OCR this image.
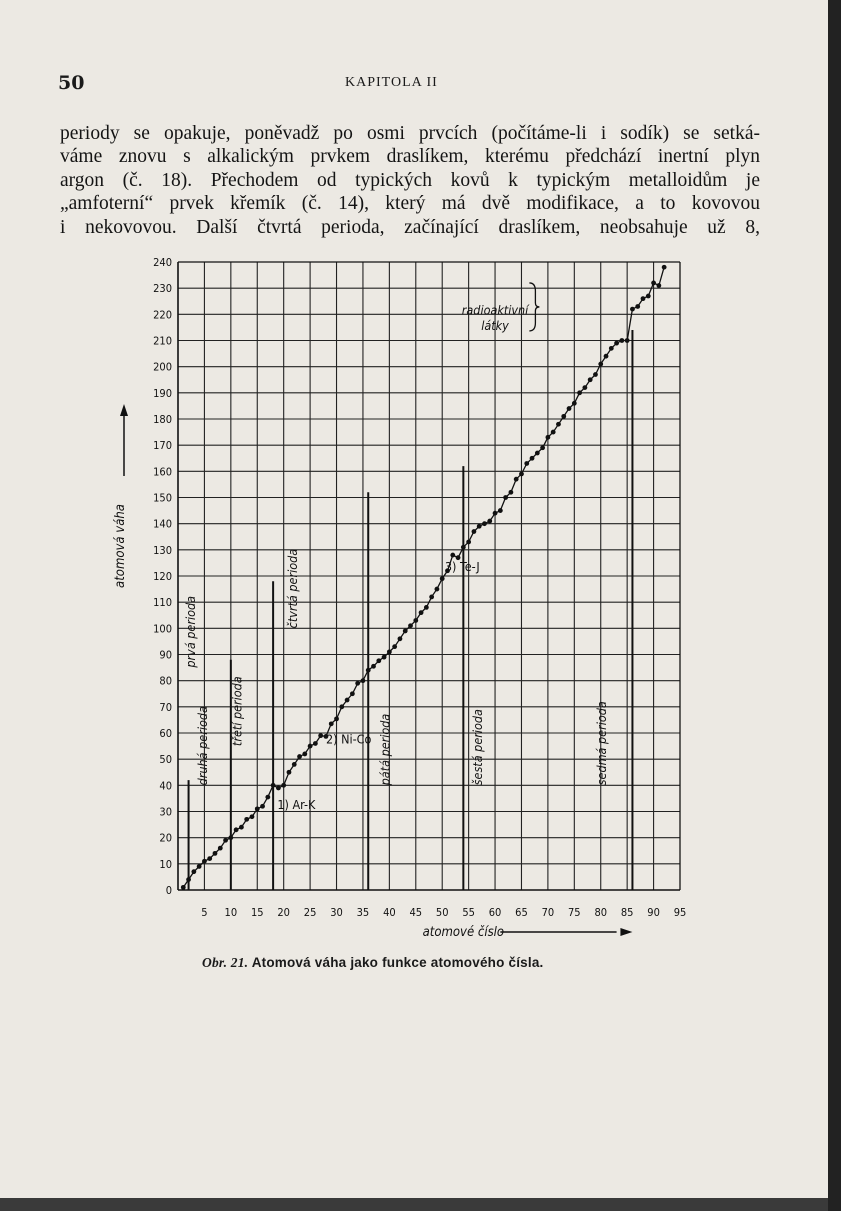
50	KAPITOLA II
periody se opakuje, poněvadž po osmi prvcích (počítáme-li i sodík) se setká-
váme znovu s alkalickým prvkem draslíkem, kterému předchází inertní plyn
argon (č. 18). Přechodem od typických kovů k typickým metalloidům je
„amfoterní“ prvek křemík (č. 14), který má dvě modifikace, a to kovovou
i nekovovou. Další čtvrtá perioda, začínající draslíkem, neobsahuje už 8,
0
10
20
30
40
50
60
70
80
90
100
110
120
130
140
150
160
170
180
190
200
210
220
230
240
5 10 15 20 25 30 35 40 45 50 55 60 65 70 75 80 85 90 95
prvá perioda
druhá perioda třetí perioda
čtvrtá perioda
pátá perioda	šestá perioda	sedmá perioda
1) Ar-K
2) Ni-Co
3) Te-J
radioaktivní
látky
atomová váha
atomové číslo
Obr. 21. Atomová váha jako funkce atomového čísla.
